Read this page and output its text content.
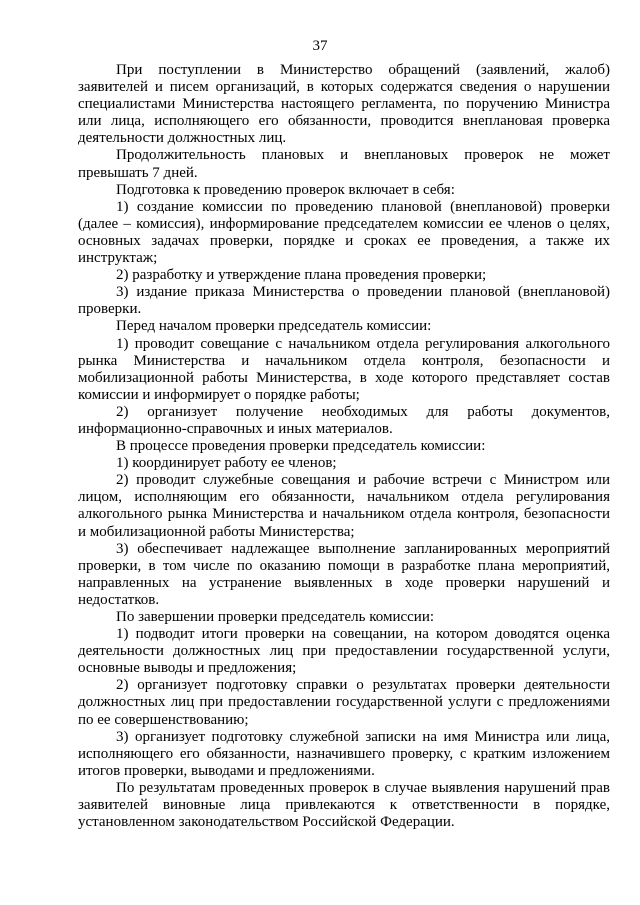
37

При поступлении в Министерство обращений (заявлений, жалоб) заявителей и писем организаций, в которых содержатся сведения о нарушении специалистами Министерства настоящего регламента, по поручению Министра или лица, исполняющего его обязанности, проводится внеплановая проверка деятельности должностных лиц.

Продолжительность плановых и внеплановых проверок не может превышать 7 дней.

Подготовка к проведению проверок включает в себя:

1) создание комиссии по проведению плановой (внеплановой) проверки (далее – комиссия), информирование председателем комиссии ее членов о целях, основных задачах проверки, порядке и сроках ее проведения, а также их инструктаж;

2) разработку и утверждение плана проведения проверки;

3) издание приказа Министерства о проведении плановой (внеплановой) проверки.

Перед началом проверки председатель комиссии:

1) проводит совещание с начальником отдела регулирования алкогольного рынка Министерства и начальником отдела контроля, безопасности и мобилизационной работы Министерства, в ходе которого представляет состав комиссии и информирует о порядке работы;

2) организует получение необходимых для работы документов, информационно-справочных и иных материалов.

В процессе проведения проверки председатель комиссии:

1) координирует работу ее членов;

2) проводит служебные совещания и рабочие встречи с Министром или лицом, исполняющим его обязанности, начальником отдела регулирования алкогольного рынка Министерства и начальником отдела контроля, безопасности и мобилизационной работы Министерства;

3) обеспечивает надлежащее выполнение запланированных мероприятий проверки, в том числе по оказанию помощи в разработке плана мероприятий, направленных на устранение выявленных в ходе проверки нарушений и недостатков.

По завершении проверки председатель комиссии:

1) подводит итоги проверки на совещании, на котором доводятся оценка деятельности должностных лиц при предоставлении государственной услуги, основные выводы и предложения;

2) организует подготовку справки о результатах проверки деятельности должностных лиц при предоставлении государственной услуги с предложениями по ее совершенствованию;

3) организует подготовку служебной записки на имя Министра или лица, исполняющего его обязанности, назначившего проверку, с кратким изложением итогов проверки, выводами и предложениями.

По результатам проведенных проверок в случае выявления нарушений прав заявителей виновные лица привлекаются к ответственности в порядке, установленном законодательством Российской Федерации.
